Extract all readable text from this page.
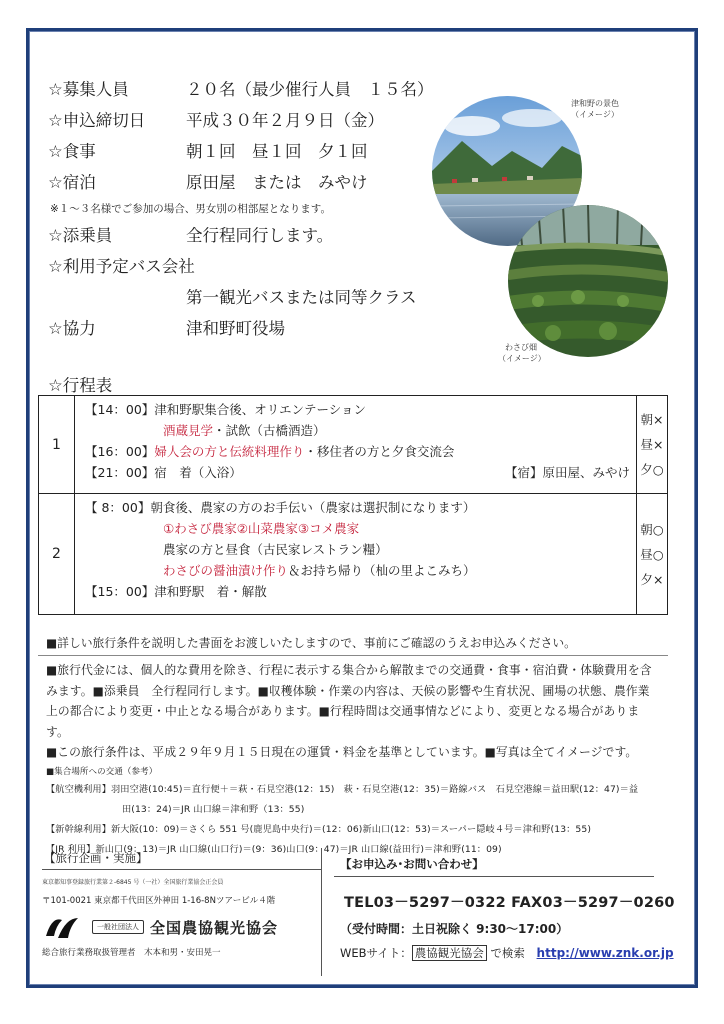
☆募集人員	２０名（最少催行人員　１５名）
☆申込締切日 平成３０年２月９日（金）
☆食事	朝１回　昼１回　夕１回
☆宿泊	原田屋　または　みやけ
※１～３名様でご参加の場合、男女別の相部屋となります。
☆添乗員	全行程同行します。
☆利用予定バス会社
第一観光バスまたは同等クラス
☆協力	津和野町役場
津和野の景色
（イメージ）
わさび畑
（イメージ）
☆行程表
1
【14：00】津和野駅集合後、オリエンテーション
酒蔵見学・試飲（古橋酒造）
【16：00】婦人会の方と伝統料理作り・移住者の方と夕食交流会
【21：00】宿　着（入浴）	【宿】原田屋、みやけ
朝×
昼×
夕○
2
【 8：00】朝食後、農家の方のお手伝い（農家は選択制になります）
①わさび農家②山菜農家③コメ農家
農家の方と昼食（古民家レストラン糧）
わさびの醤油漬け作り＆お持ち帰り（杣の里よこみち）
【15：00】津和野駅　着・解散
朝○
昼○
夕×
■詳しい旅行条件を説明した書面をお渡しいたしますので、事前にご確認のうえお申込みください。
■旅行代金には、個人的な費用を除き、行程に表示する集合から解散までの交通費・食事・宿泊費・体験費用を含
みます。■添乗員　全行程同行します。■収穫体験・作業の内容は、天候の影響や生育状況、圃場の状態、農作業
上の都合により変更・中止となる場合があります。■行程時間は交通事情などにより、変更となる場合があります。
■この旅行条件は、平成２９年９月１５日現在の運賃・料金を基準としています。■写真は全てイメージです。
■集合場所への交通（参考）
【航空機利用】羽田空港(10:45)＝直行便＋＝萩・石見空港(12：15)　萩・石見空港(12：35)＝路線バス　石見空港線＝益田駅(12：47)＝益
田(13：24)＝JR 山口線＝津和野（13：55)
【新幹線利用】新大阪(10：09)＝さくら 551 号(鹿児島中央行)＝(12：06)新山口(12：53)＝スーパー隠岐４号＝津和野(13：55)
【JR 利用】新山口(9：13)＝JR 山口線(山口行)＝(9：36)山口(9：47)＝JR 山口線(益田行)＝津和野(11：09)
【旅行企画・実施】
東京都知事登録旅行業第２-6845 号（一社）全国旅行業協会正会員
〒101-0021 東京都千代田区外神田 1-16-8Nツアービル４階
一般社団法人 全国農協観光協会
総合旅行業務取扱管理者　木本和男・安田晃一
【お申込み･お問い合わせ】
TEL03－5297－0322 FAX03－5297－0260
（受付時間：土日祝除く 9:30～17:00）
WEBサイト： 農協観光協会 で検索 http://www.znk.or.jp
